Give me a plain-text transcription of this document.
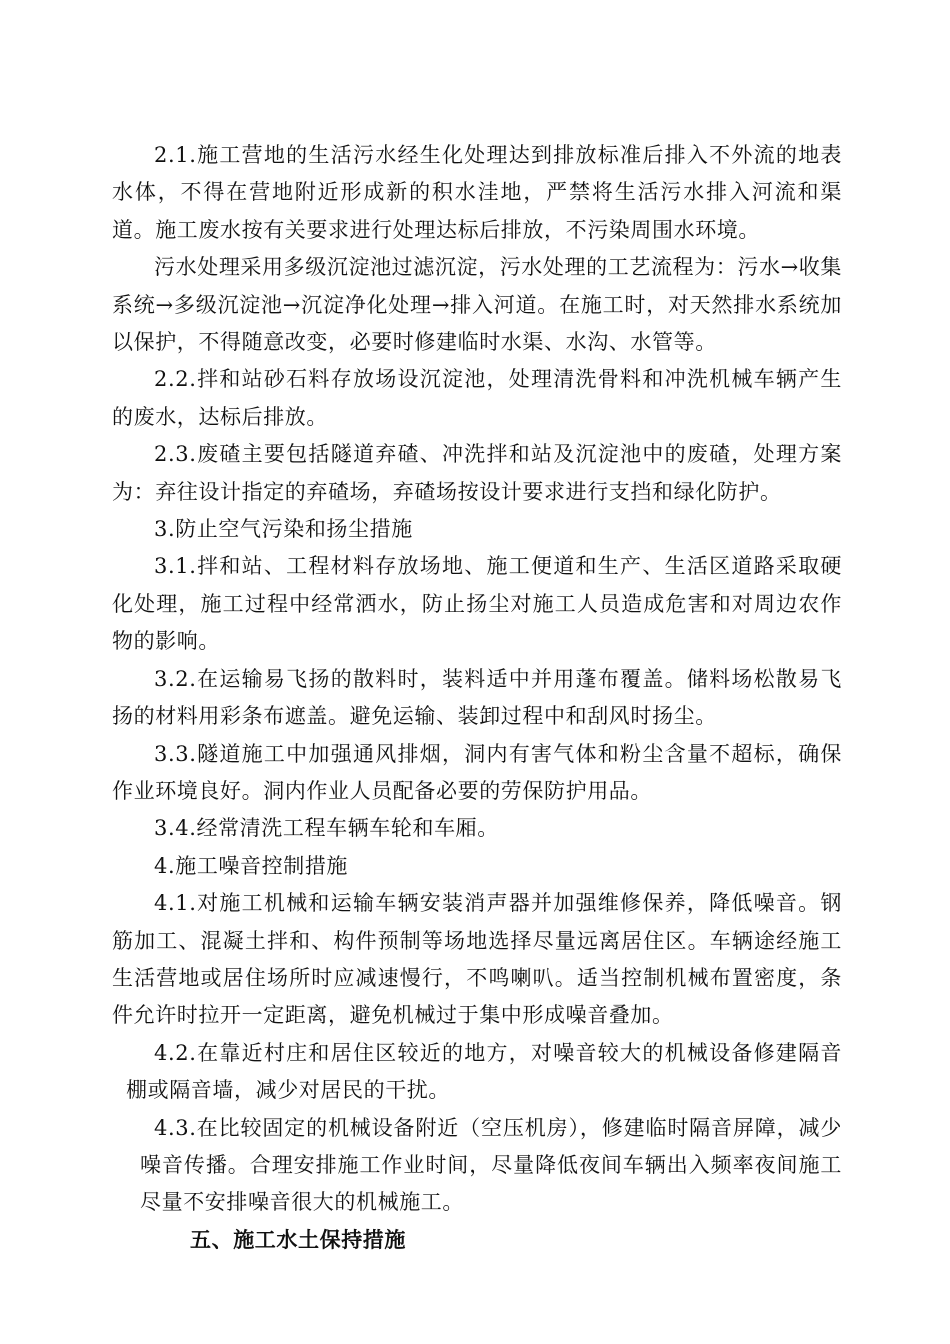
2.1.施工营地的生活污水经生化处理达到排放标准后排入不外流的地表水体，不得在营地附近形成新的积水洼地，严禁将生活污水排入河流和渠道。施工废水按有关要求进行处理达标后排放，不污染周围水环境。

污水处理采用多级沉淀池过滤沉淀，污水处理的工艺流程为：污水→收集系统→多级沉淀池→沉淀净化处理→排入河道。在施工时，对天然排水系统加以保护，不得随意改变，必要时修建临时水渠、水沟、水管等。

2.2.拌和站砂石料存放场设沉淀池，处理清洗骨料和冲洗机械车辆产生的废水，达标后排放。

2.3.废碴主要包括隧道弃碴、冲洗拌和站及沉淀池中的废碴，处理方案为：弃往设计指定的弃碴场，弃碴场按设计要求进行支挡和绿化防护。

3.防止空气污染和扬尘措施

3.1.拌和站、工程材料存放场地、施工便道和生产、生活区道路采取硬化处理，施工过程中经常洒水，防止扬尘对施工人员造成危害和对周边农作物的影响。

3.2.在运输易飞扬的散料时，装料适中并用蓬布覆盖。储料场松散易飞扬的材料用彩条布遮盖。避免运输、装卸过程中和刮风时扬尘。

3.3.隧道施工中加强通风排烟，洞内有害气体和粉尘含量不超标，确保作业环境良好。洞内作业人员配备必要的劳保防护用品。

3.4.经常清洗工程车辆车轮和车厢。

4.施工噪音控制措施

4.1.对施工机械和运输车辆安装消声器并加强维修保养，降低噪音。钢筋加工、混凝土拌和、构件预制等场地选择尽量远离居住区。车辆途经施工生活营地或居住场所时应减速慢行，不鸣喇叭。适当控制机械布置密度，条件允许时拉开一定距离，避免机械过于集中形成噪音叠加。

4.2.在靠近村庄和居住区较近的地方，对噪音较大的机械设备修建隔音棚或隔音墙，减少对居民的干扰。

4.3.在比较固定的机械设备附近（空压机房），修建临时隔音屏障，减少噪音传播。合理安排施工作业时间，尽量降低夜间车辆出入频率夜间施工尽量不安排噪音很大的机械施工。

五、施工水土保持措施
